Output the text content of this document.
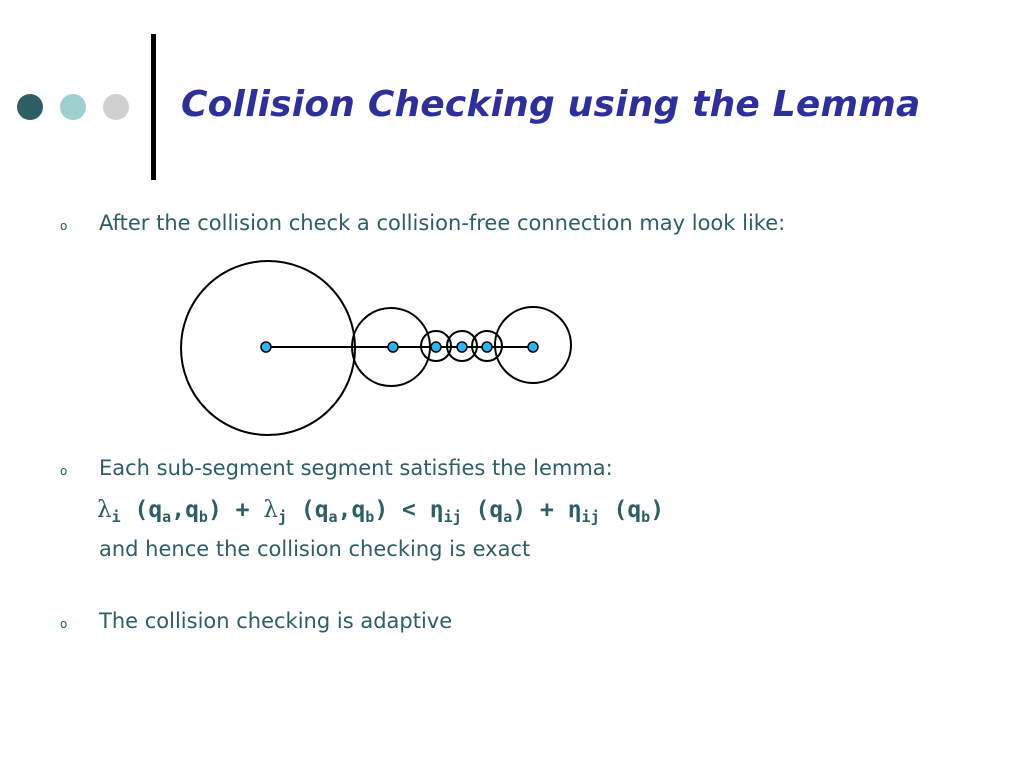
Collision Checking using the Lemma
o After the collision check a collision-free connection may look like:
o Each sub-segment segment satisfies the lemma:
$\lambda_i$ $(q_a,q_b) + \lambda_j$ $(q_a,q_b) < \eta_{ij}$ $(q_a) + \eta_{ij}$ $(q_b)$
and hence the collision checking is exact
o The collision checking is adaptive
